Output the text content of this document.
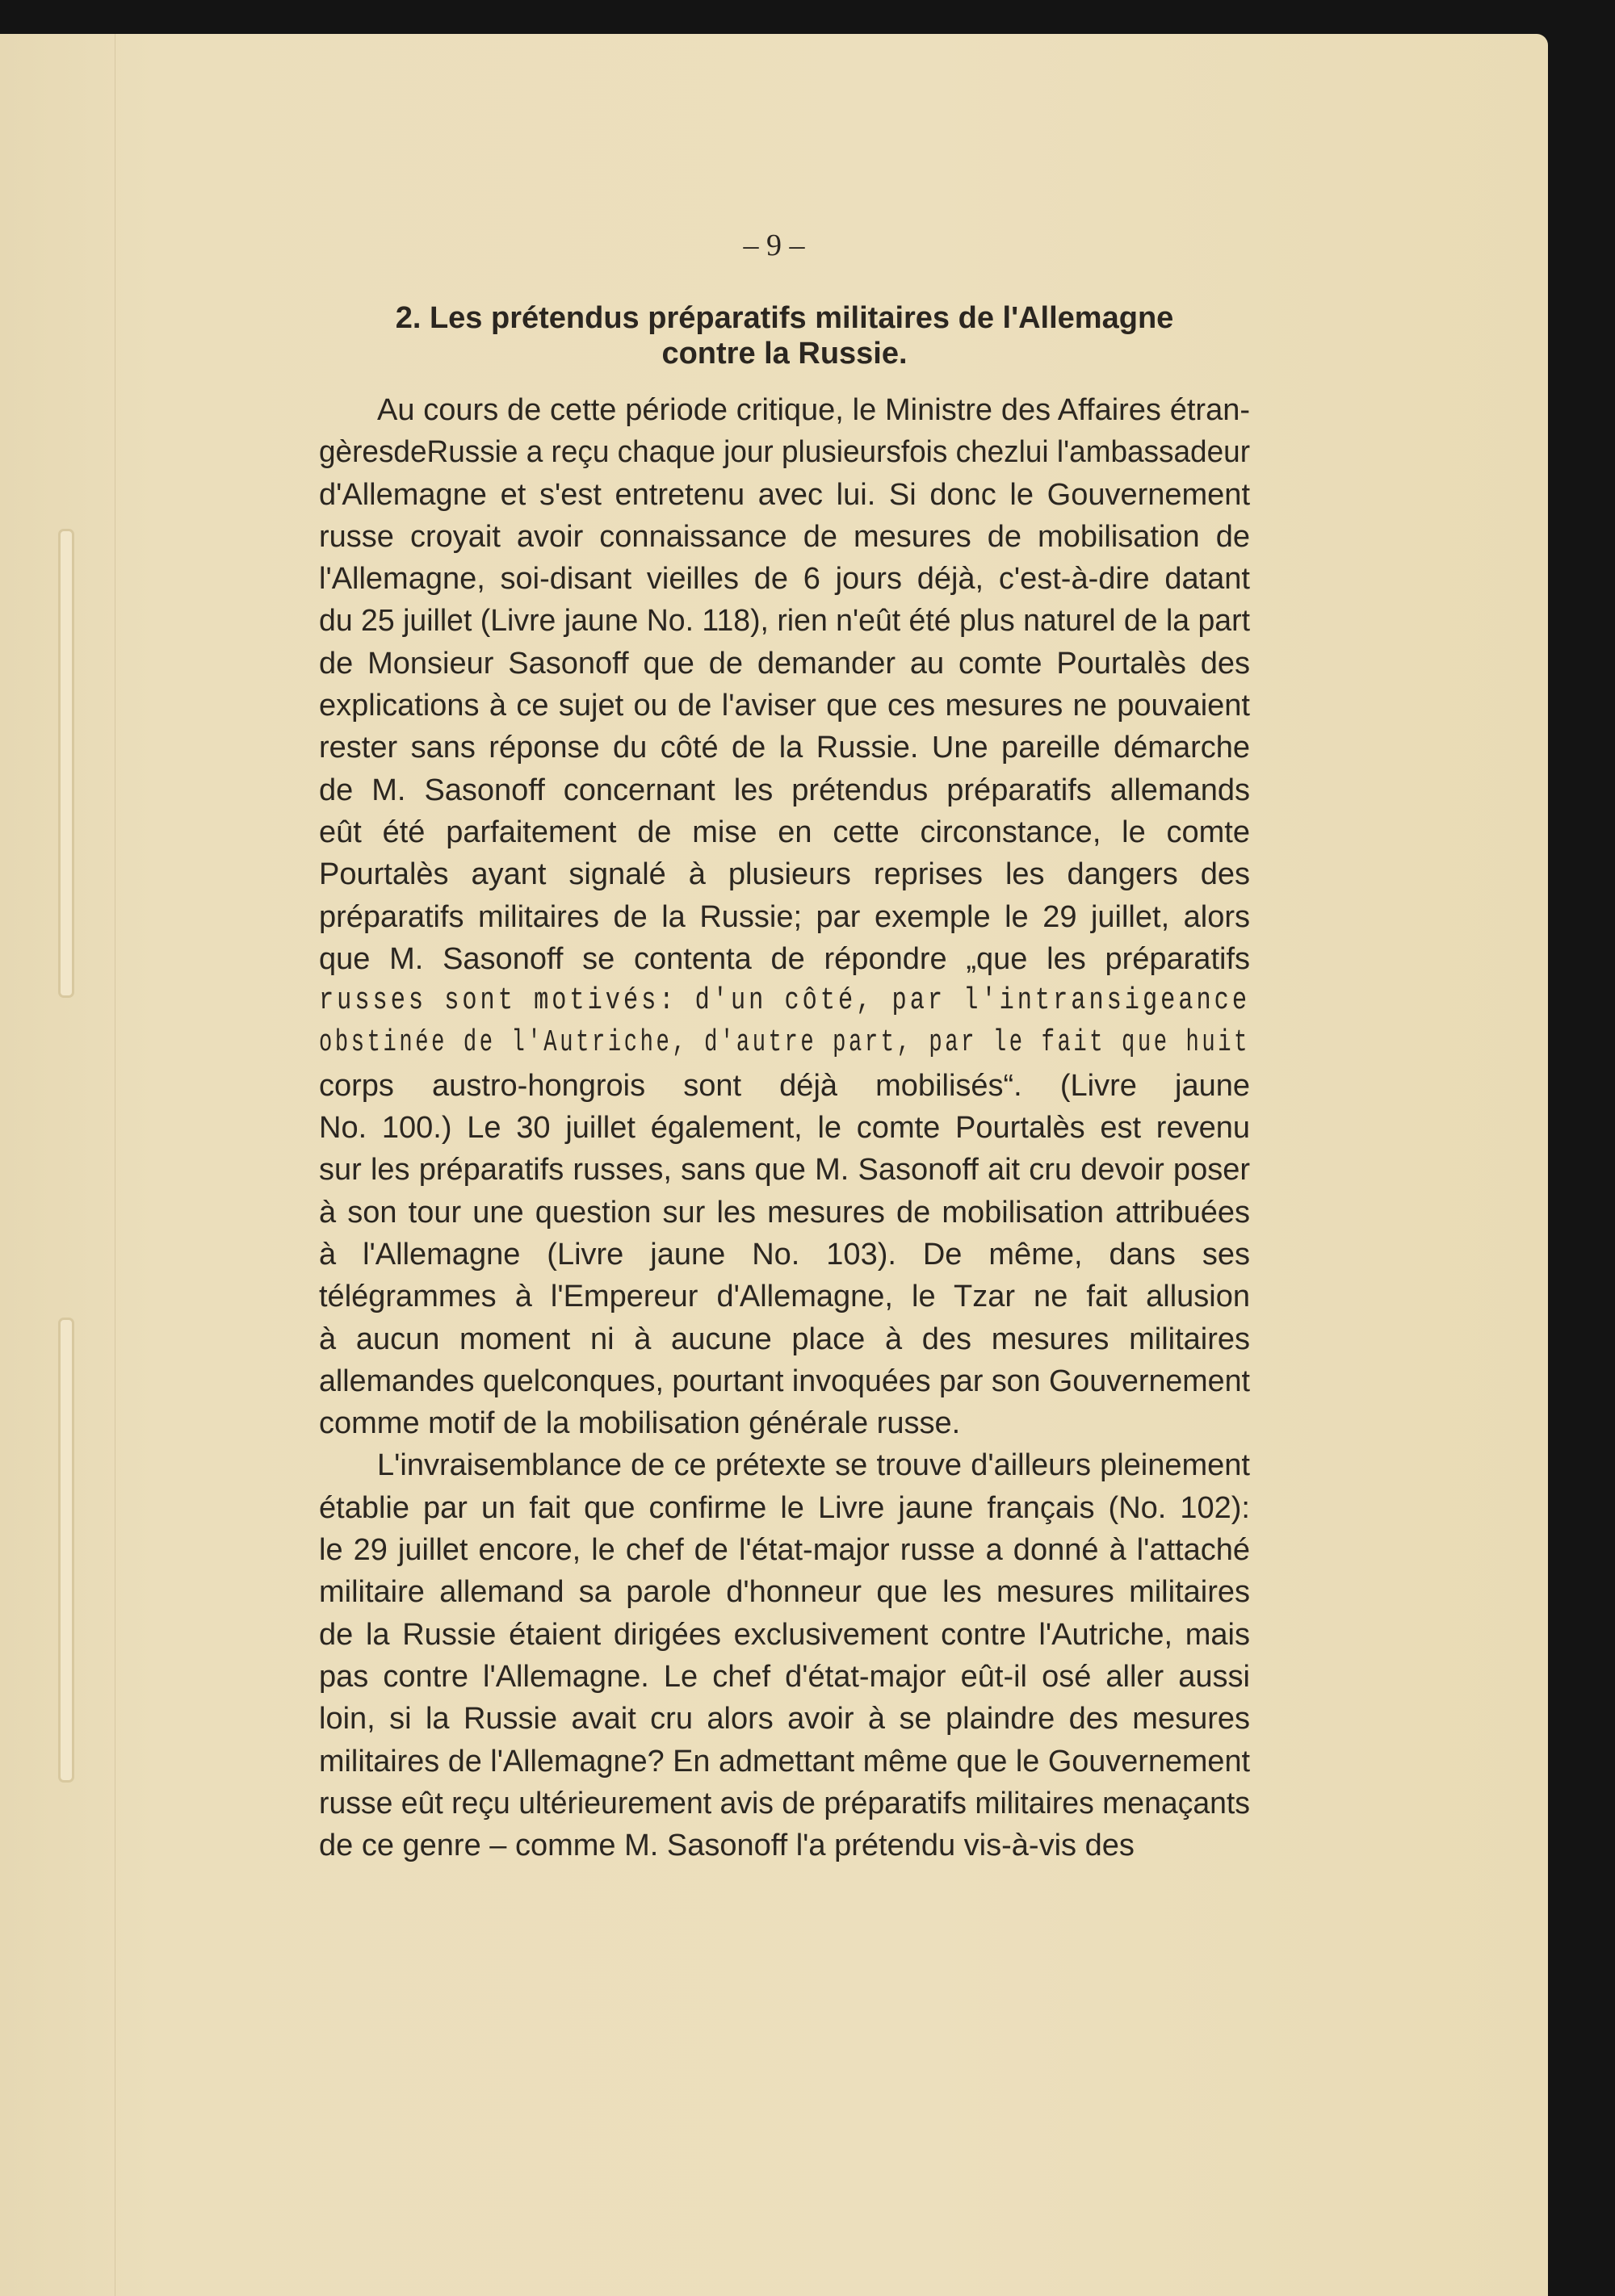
– 9 –
2. Les prétendus préparatifs militaires de l'Allemagne
contre la Russie.
Au cours de cette période critique, le Ministre des Affaires étran-
gèresdeRussie a reçu chaque jour plusieursfois chezlui l'ambassadeur
d'Allemagne et s'est entretenu avec lui. Si donc le Gouvernement
russe croyait avoir connaissance de mesures de mobilisation de
l'Allemagne, soi-disant vieilles de 6 jours déjà, c'est-à-dire datant
du 25 juillet (Livre jaune No. 118), rien n'eût été plus naturel de la part
de Monsieur Sasonoff que de demander au comte Pourtalès des
explications à ce sujet ou de l'aviser que ces mesures ne pouvaient
rester sans réponse du côté de la Russie. Une pareille démarche
de M. Sasonoff concernant les prétendus préparatifs allemands
eût été parfaitement de mise en cette circonstance, le comte
Pourtalès ayant signalé à plusieurs reprises les dangers des
préparatifs militaires de la Russie; par exemple le 29 juillet, alors
que M. Sasonoff se contenta de répondre „que les préparatifs
russes sont motivés: d'un côté, par l'intransigeance
obstinée de l'Autriche, d'autre part, par le fait que huit
corps austro-hongrois sont déjà mobilisés“. (Livre jaune
No. 100.) Le 30 juillet également, le comte Pourtalès est revenu
sur les préparatifs russes, sans que M. Sasonoff ait cru devoir poser
à son tour une question sur les mesures de mobilisation attribuées
à l'Allemagne (Livre jaune No. 103). De même, dans ses
télégrammes à l'Empereur d'Allemagne, le Tzar ne fait allusion
à aucun moment ni à aucune place à des mesures militaires
allemandes quelconques, pourtant invoquées par son Gouvernement
comme motif de la mobilisation générale russe.
L'invraisemblance de ce prétexte se trouve d'ailleurs pleinement
établie par un fait que confirme le Livre jaune français (No. 102):
le 29 juillet encore, le chef de l'état-major russe a donné à l'attaché
militaire allemand sa parole d'honneur que les mesures militaires
de la Russie étaient dirigées exclusivement contre l'Autriche, mais
pas contre l'Allemagne. Le chef d'état-major eût-il osé aller aussi
loin, si la Russie avait cru alors avoir à se plaindre des mesures
militaires de l'Allemagne? En admettant même que le Gouvernement
russe eût reçu ultérieurement avis de préparatifs militaires menaçants
de ce genre – comme M. Sasonoff l'a prétendu vis-à-vis des
